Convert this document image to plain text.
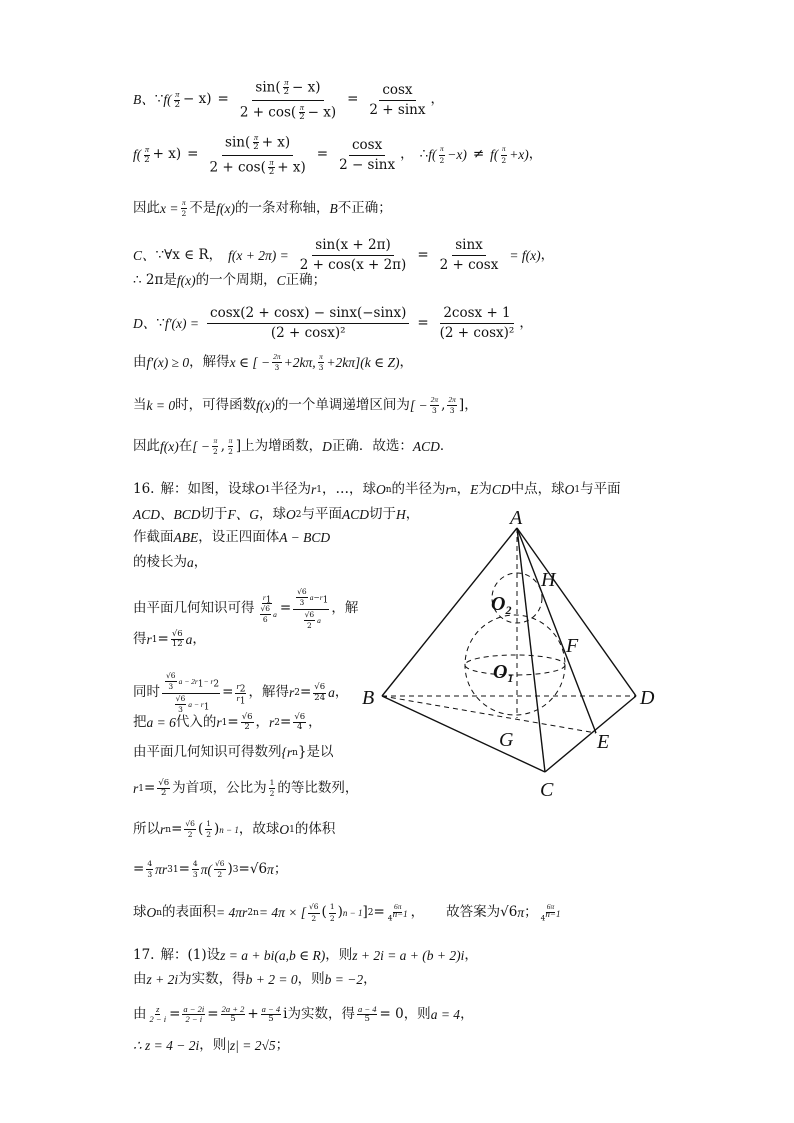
B、 ∵ $f( \frac{\pi}{2} - x) = \frac{\sin( \frac{\pi}{2} - x)}{2 + \cos( \frac{\pi}{2} - x)} = \frac{\cos x}{2 + \sin x}$ ，
$f( \frac{\pi}{2} + x) = \frac{\sin( \frac{\pi}{2} + x)}{2 + \cos( \frac{\pi}{2} + x)} = \frac{\cos x}{2 - \sin x}$ ， ∴ $f( \frac{\pi}{2} -x) \ne f( \frac{\pi}{2} +x)$ ，
因此 $x = \frac{\pi}{2}$ 不是 f(x) 的一条对称轴， B 不正确；
C、 ∵∀x ∈ R， $f(x + 2\pi) = \frac{\sin(x + 2\pi)}{2 + \cos(x + 2\pi)} = \frac{\sin x}{2 + \cos x} = f(x)$ ，
∴ 2π 是 f(x) 的一个周期， C 正确；
D、 ∵ $f'(x) = \frac{\cos x(2 + \cos x) - \sin x(-\sin x)}{\text{(2 + cosx)²}} = \frac{2\cos x + 1}{\text{(2 + cosx)²}}$ ，
由 f′(x) ≥ 0 ，解得 x ∈ [ − $\frac{2\pi}{3} +2k\pi$, $\frac{\pi}{3} +2k\pi](k$ ∈ Z) ，
当 k = 0 时，可得函数 f(x) 的一个单调递增区间为 [ − $\frac{2\pi}{3}$ , $\frac{2\pi}{3}$ ]，
因此 f(x) 在 [ − $\frac{\pi}{2}$ , $\frac{\pi}{2}$ ]上为增函数， D 正确．故选： ACD ．
16. 解：如图，设球 O 1 半径为 r 1 ，…，球 O n 的半径为 r n ， E 为 CD 中点，球 O 1 与平面
ACD、BCD 切于 F、G ，球 O 2 与平面 ACD 切于 H ，
作截面 ABE ，设正四面体 A − BCD
的棱长为 a ，
由平面几何知识可得 $\frac{r_1}{\frac{√6}{6} a} = \frac{\frac{√6}{3} a-r_1}{\frac{√6}{2} a}$ ，解
得 r $1 = \frac{√6}{12}$ a ，
同时 $\frac{\frac{√6}{3} a - 2r_1- r_2}{\frac{√6}{3} a - r_1} = \frac{r_2}{r_1}$ ，解得 r $2 = \frac{√6}{24}$ a ，
把 a = 6 代入的 r $1 = \frac{√6}{2}$ ， r $2 = \frac{√6}{4}$ ，
由平面几何知识可得数列 {r n }是以
r $1 = \frac{√6}{2}$ 为首项，公比为 $\frac{1}{2}$ 的等比数列，
所以 r $n = \frac{√6}{2}$ ( $\frac{1}{2}$ ) n − 1 ，故球 O 1 的体积
= $\frac{4}{3}$ πr 3 $1 = \frac{4}{3} \pi( \frac{√6}{2}$ ) 3 = √6 π ；
球 O n 的表面积 = 4πr 2 n = 4π × [ $\frac{√6}{2}$ ( $\frac{1}{2}$ ) n − 1 ] $2 = \frac{6\pi}{4^{n-1}}$ ， 故答案为 √6 π ； $\frac{6\pi}{4^{n-1}}$
17. 解：(1)设 z = a + bi(a,b ∈ R) ，则 z + 2i = a + (b + 2)i ，
由 z + 2i 为实数，得 b + 2 = 0 ，则 b = −2 ，
由 $\frac{z}{2 - i} = \frac{a - 2i}{2 - i} = \frac{2a + 2}{5} + \frac{a - 4}{5}$ i为实数，得 $\frac{a - 4}{5} = 0$ ，则 a = 4 ，
∴ z = 4 − 2i ，则 |z| = 2√5 ；
A
B
C
D
E
F
G
H
$O_1$
$O_2$
